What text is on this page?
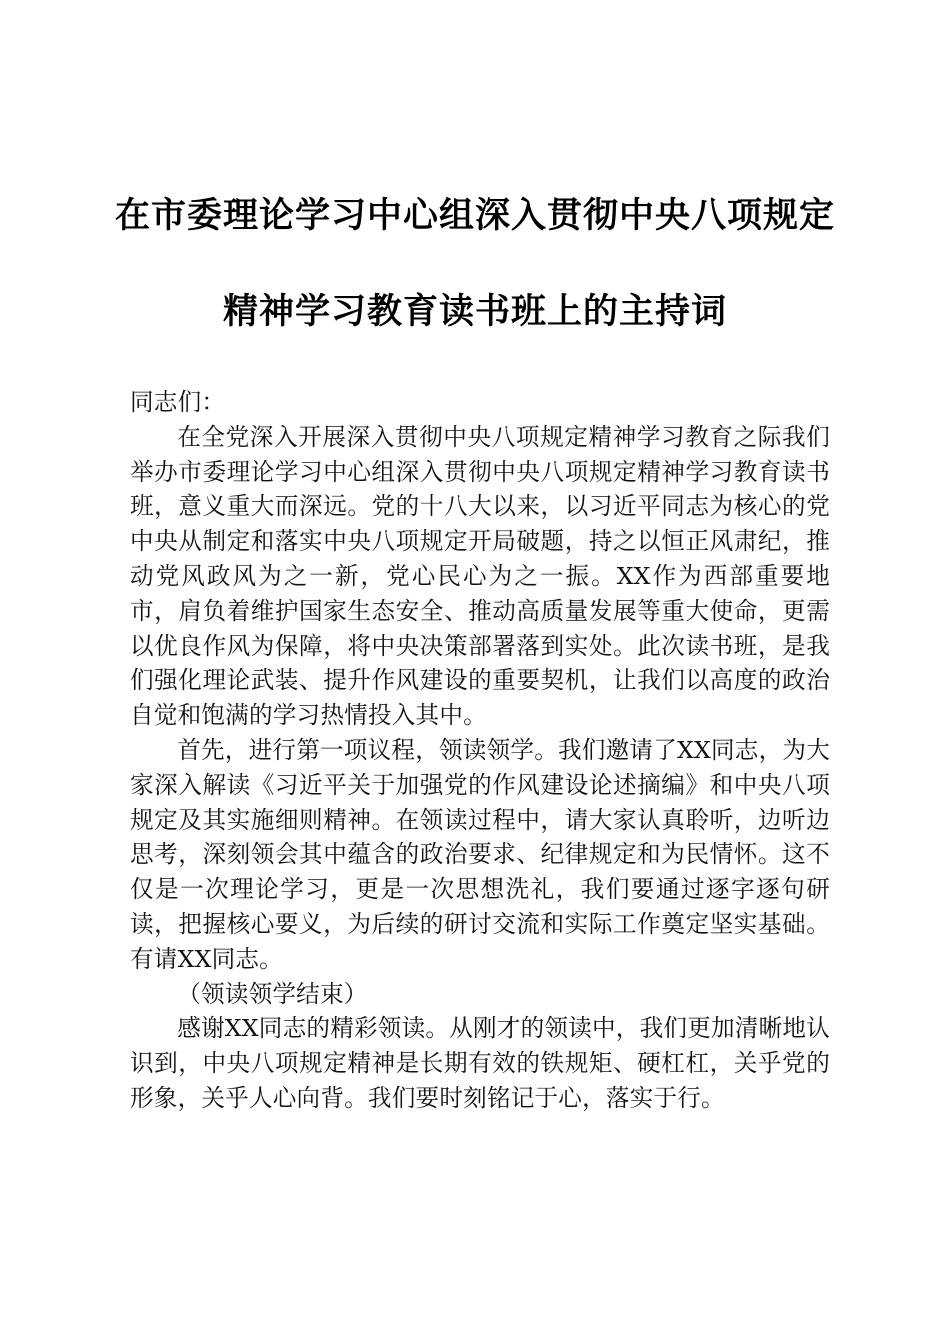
在市委理论学习中心组深入贯彻中央八项规定
精神学习教育读书班上的主持词

同志们：

在全党深入开展深入贯彻中央八项规定精神学习教育之际我们举办市委理论学习中心组深入贯彻中央八项规定精神学习教育读书班，意义重大而深远。党的十八大以来，以习近平同志为核心的党中央从制定和落实中央八项规定开局破题，持之以恒正风肃纪，推动党风政风为之一新，党心民心为之一振。XX作为西部重要地市，肩负着维护国家生态安全、推动高质量发展等重大使命，更需以优良作风为保障，将中央决策部署落到实处。此次读书班，是我们强化理论武装、提升作风建设的重要契机，让我们以高度的政治自觉和饱满的学习热情投入其中。

首先，进行第一项议程，领读领学。我们邀请了XX同志，为大家深入解读《习近平关于加强党的作风建设论述摘编》和中央八项规定及其实施细则精神。在领读过程中，请大家认真聆听，边听边思考，深刻领会其中蕴含的政治要求、纪律规定和为民情怀。这不仅是一次理论学习，更是一次思想洗礼，我们要通过逐字逐句研读，把握核心要义，为后续的研讨交流和实际工作奠定坚实基础。有请XX同志。

（领读领学结束）

感谢XX同志的精彩领读。从刚才的领读中，我们更加清晰地认识到，中央八项规定精神是长期有效的铁规矩、硬杠杠，关乎党的形象，关乎人心向背。我们要时刻铭记于心，落实于行。
